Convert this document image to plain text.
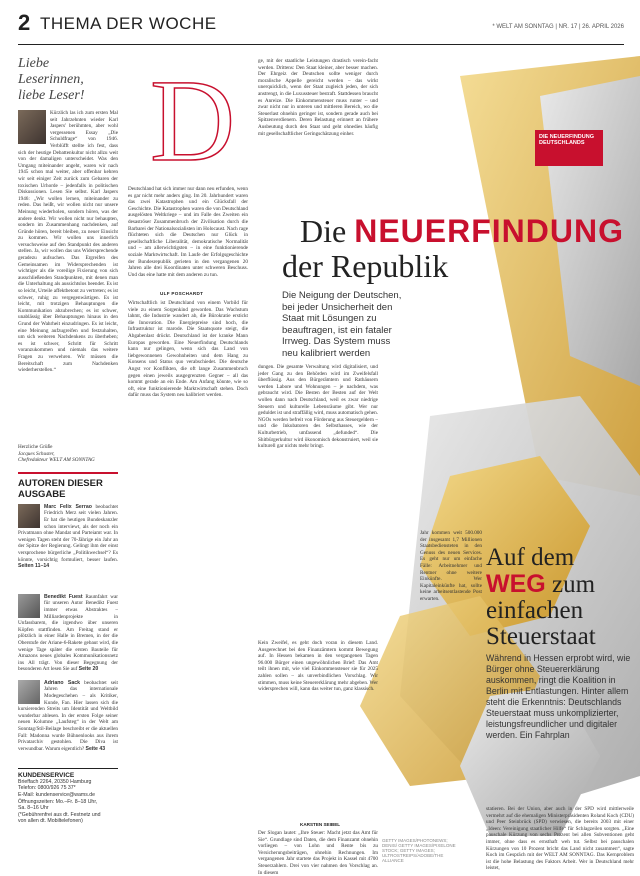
2 THEMA DER WOCHE	* WELT AM SONNTAG | NR. 17 | 26. APRIL 2026
Liebe Leserinnen, liebe Leser!
Kürzlich las ich zum ersten Mal seit Jahrzehnten wieder Karl Jaspers' berühmten, aber wohl vergessenen Essay „Die Schuldfrage“ von 1946. Verblüfft stellte ich fest, dass sich der heutige Debattenkultur nicht allzu weit von der damaligen unterscheidet. Was den Umgang miteinander angeht, waren wir nach 1945 schon mal weiter, aber offenbar kehren wir seit einiger Zeit zurück zum Gebaren der toxischen Urhorde – jedenfalls in politischen Diskussionen. Lesen Sie selbst. Karl Jaspers 1946: „Wir wollen lernen, miteinander zu reden. Das heißt, wir wollen nicht nur unsere Meinung wiederholen, sondern hören, was der andere denkt. Wir wollen nicht nur behaupten, sondern im Zusammenhang nachdenken, auf Gründe hören, bereit bleiben, zu neuer Einsicht zu kommen. Wir wollen uns innerlich versuchsweise auf den Standpunkt des anderen stellen. Ja, wir wollen das uns Widersprechende geradezu aufsuchen. Das Ergreifen des Gemeinsamen im Widersprechenden ist wichtiger als die voreilige Fixierung von sich ausschließenden Standpunkten, mit denen man die Unterhaltung als aussichtslos beendet. Es ist so leicht, Urteile affektbetont zu vertreten; es ist schwer, ruhig zu vergegenwärtigen. Es ist leicht, mit trotzigen Behauptungen die Kommunikation abzubrechen; es ist schwer, unablässig über Behauptungen hinaus in den Grund der Wahrheit einzudringen. Es ist leicht, eine Meinung aufzugreifen und festzuhalten, um sich weiteren Nachdenkens zu überheben; es ist schwer, Schritt für Schritt voranzukommen und niemals das weitere Fragen zu verwehren. Wir müssen die Bereitschaft zum Nachdenken wiederherstellen.“
Herzliche Grüße
Jacques Schuster,
Chefredakteur WELT AM SONNTAG
AUTOREN DIESER AUSGABE
Marc Felix Serrao beobachtet Friedrich Merz seit vielen Jahren. Er hat die heutigen Bundeskanzler schon interviewt, als der noch ein Privatmann ohne Mandat und Parteiamt war. In wenigen Tagen steht der 70-Jährige ein Jahr an der Spitze der Regierung. Gelingt ihm der einst versprochene bürgerliche „Politikwechsel“? Es könnte, vorsichtig formuliert, besser laufen. Seiten 11–14
Benedikt Fuest Raumfahrt war für unseren Autor Benedikt Fuest immer etwas Abstraktes – Milliardenprojekte in Unfassbarem, die irgendwo über unseren Köpfen stattfinden. Am Freitag stand er plötzlich in einer Halle in Bremen, in der die Oberstufe der Ariane-6-Rakete gebaut wird, die wenige Tage später die ersten Bauteile für Amazons neues globales Kommunikationsnetz ins All trägt. Von dieser Begegnung der besonderen Art lesen Sie auf Seite 20
Adriano Sack beobachtet seit Jahren das internationale Modegeschehen – als Kritiker, Kunde, Fan. Hier lassen sich die kursierenden Streits um Identität und Weltbild wunderbar ablesen. In der ersten Folge seiner neuen Kolumne „Laufsteg“ in der Welt am Sonntag/Stil-Beilage beschreibt er die aktuellen Fall: Madonna wurde Bühnenlooks aus ihrem Privatarchiv gestohlen. Die Diva ist verwundbar. Warum eigentlich? Seite 43
KUNDENSERVICE
Brieffach 2264, 20350 Hamburg
Telefon: 0800/926 75 37*
E-Mail: kundenservice@wams.de
Öffnungszeiten: Mo.–Fr. 8–18 Uhr,
Sa. 8–16 Uhr
(*Gebührenfrei aus dt. Festnetz und
von allen dt. Mobiltelefonen)
DIE NEUERFINDUNG DEUTSCHLANDS
D
Deutschland hat sich immer nur dann neu erfunden, wenn es gar nicht mehr anders ging. Im 20. Jahrhundert waren das zwei Katastrophen und ein Glücksfall der Geschichte. Die Katastrophen waren die von Deutschland ausgelösten Weltkriege – und im Falle des Zweiten ein desaströser Zusammenbruch der Zivilisation durch die Barbarei der Nationalsozialisten im Holocaust. Nach rage flüchteten sich die Deutschen nur Glück in gesellschaftliche Liberalität, demokratische Normalität und – am allerwichtigsten – in eine funktionierende soziale Marktwirtschaft. Im Laufe der Erfolgsgeschichte der Bundesrepublik gerieten in den vergangenen 20 Jahren alle drei Koordinaten unter schweren Beschuss. Und das eine hatte mit dem anderen zu tun.
ULF POSCHARDT
Wirtschaftlich ist Deutschland von einem Vorbild für viele zu einem Sorgenkind geworden. Das Wachstum lahmt, die Industrie wandert ab, die Bürokratie erstickt die Innovation. Die Energiepreise sind hoch, die Infrastruktur ist marode. Die Staatsquote steigt, die Abgabenlast drückt. Deutschland ist der kranke Mann Europas geworden. Eine Neuerfindung Deutschlands kann nur gelingen, wenn sich das Land von liebgewonnenen Gewohnheiten und dem Hang zu Konsens und Status quo verabschiedet. Die deutsche Angst vor Konflikten, die oft lange Zusammenbruch gegen einen jeweils ausgegrenzten Gegner – all das kommt gerade an ein Ende. Am Anfang könnte, wie so oft, eine funktionierende Marktwirtschaft stehen. Doch dafür muss das System neu kalibriert werden.
ge, mit der staatliche Leistungen drastisch verein-facht werden. Drittens: Den Staat kleiner, aber besser machen. Der Ehrgeiz der Deutschen sollte weniger durch moralische Appelle gereicht werden – das wirkt unerquicklich, wenn der Staat zugleich jeden, der sich anstrengt, in die Luxussteuer bestraft. Stattdessen braucht es Anreize. Die Einkommensteuer muss runter – und zwar nicht nur in unteren und mittleren Bereich, wo die Steuerlast ohnehin geringer ist, sondern gerade auch bei Spitzenverdienern. Deren Belastung erinnert an frühere Ausbeutung durch den Staat und geht ohnedies häufig mit gesellschaftlicher Geringschätzung einher.
Die NEUERFINDUNG
der Republik
Die Neigung der Deutschen, bei jeder Unsicherheit den Staat mit Lösungen zu beauftragen, ist ein fataler Irrweg. Das System muss neu kalibriert werden
dungen. Die gesamte Verwaltung wird digitalisiert, und jeder Gang zu den Behörden wird im Zweifelsfall überflüssig. Aus den Bürgerämtern und Rathäusern werden Labore und Wohnungen – je nachdem, was gebraucht wird. Die Besten der Besten auf der Welt wollen dann nach Deutschland, weil es zwar niedrige Steuern und kulturelle Lebensräume gibt. Wer nur geduldet ist und straffällig wird, muss automatisch gehen. NGOs werden befreit von Förderung aus Steuergeldern – und die Inkubatoren des Selbsthasses, wie der Kulturbetrieb, umfassend „defunded“. Die Shitbürgerkultur wird ökonomisch dekonstruiert, weil sie kulturell gar nichts mehr bringt.
Jahr kommen weit 500.000 der insgesamt 1,7 Millionen Staatsbediensteten in den Genuss des neuen Services. Es geht nur um einfache Fälle: Arbeitnehmer und Rentner ohne weitere Einkünfte. Wer Kapitaleinkünfte hat, sollte keine arbeitsentlastende Post erwarten.
Kein Zweifel, es geht doch voran in diesem Land. Ausgerechnet bei den Finanzämtern kommt Bewegung auf. In Hessen bekamen in den vergangenen Tagen 96.000 Bürger einen ungewöhnlichen Brief: Das Amt teilt ihnen mit, wie viel Einkommensteuer sie für 2025 zahlen sollen – als unverbindlichen Vorschlag. Wir stimmen, muss keine Steuererklärung mehr abgeben. Wer widersprechen will, kann das weiter tun, ganz klassisch.
KARSTEN SEIBEL
Der Slogan lautet: „Ihre Steuer: Macht jetzt das Amt für Sie“. Grundlage sind Daten, die dem Finanzamt ohnehin vorliegen – von Lohn und Rente bis zu Versicherungsbeiträgen, ohnehin Rechnungen. Im vergangenen Jahr startete das Projekt in Kassel mit 4700 Steuerzahlern. Drei von vier nahmen den Vorschlag an. In diesem
GETTY IMAGES/PHOTONEWS; DENIS/ GETTY IMAGES/PIXELONE STOCK; GETTY IMAGES; ULTROSTREIPS/ADOBE/THE ALLIANCE
Auf dem
WEG zum
einfachen
Steuerstaat
Während in Hessen erprobt wird, wie Bürger ohne Steuererklärung auskommen, ringt die Koalition in Berlin mit Entlastungen. Hinter allem steht die Erkenntnis: Deutschlands Steuerstaat muss unkomplizierter, leistungsfreundlicher und digitaler werden. Ein Fahrplan
statieren. Bei der Union, aber auch in der SPD wird mittlerweile vermehrt auf die ehemaligen Ministerpräsidenten Roland Koch (CDU) und Peer Steinbrück (SPD) verwiesen, die bereits 2003 mit einer „Ideen: Vereinigung staatlicher Hilfe“ für Schlagzeilen sorgten. „Eine pauschale Kürzung von sechs Prozent bei allen Subventionen geht immer, ohne dass es ernsthaft weh tut. Selbst bei pauschalen Kürzungen von 10 Prozent bricht das Land nicht zusammen“, sagte Koch im Gespräch mit der WELT AM SONNTAG. Das Kernproblem ist die hohe Belastung des Faktors Arbeit. Wer in Deutschland mehr leistet,
